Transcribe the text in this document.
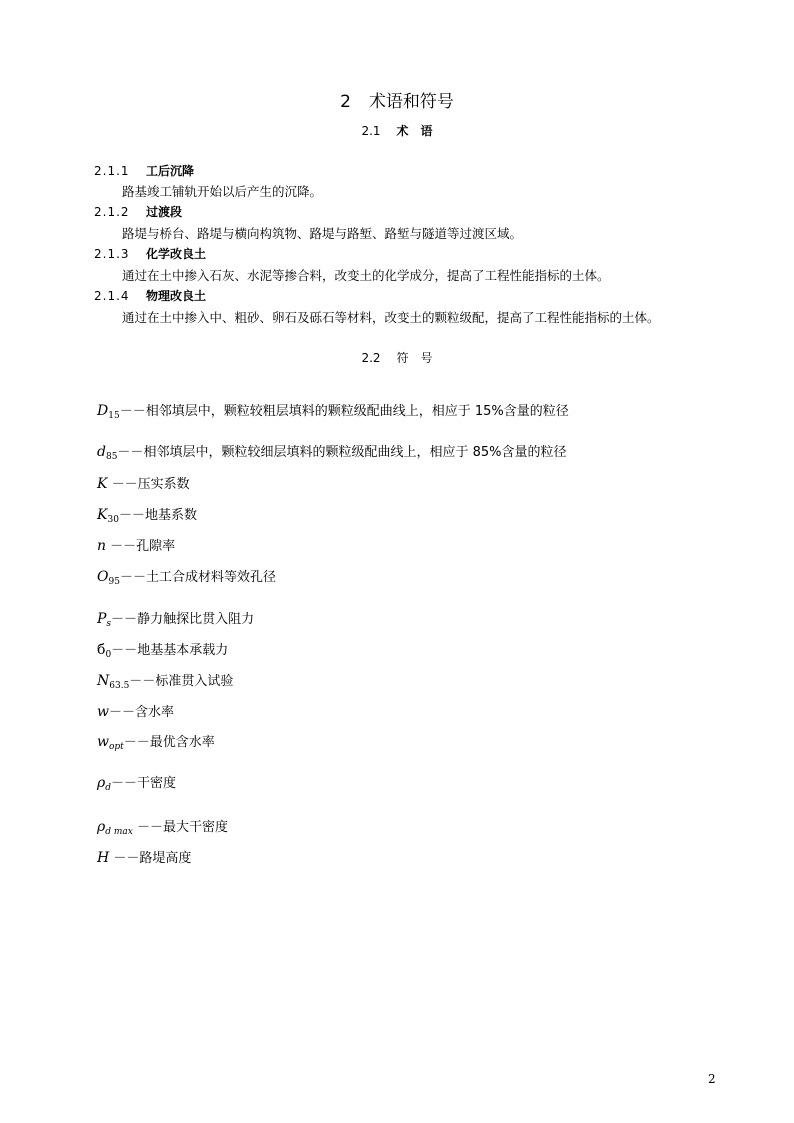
2 术语和符号
2.1 术 语
2.1.1 工后沉降
路基竣工铺轨开始以后产生的沉降。
2.1.2 过渡段
路堤与桥台、路堤与横向构筑物、路堤与路堑、路堑与隧道等过渡区域。
2.1.3 化学改良土
通过在土中掺入石灰、水泥等掺合料，改变土的化学成分，提高了工程性能指标的土体。
2.1.4 物理改良土
通过在土中掺入中、粗砂、卵石及砾石等材料，改变土的颗粒级配，提高了工程性能指标的土体。
2.2 符 号
$D_{15}--$相邻填层中，颗粒较粗层填料的颗粒级配曲线上，相应于 15%含量的粒径
$d_{85}--$相邻填层中，颗粒较细层填料的颗粒级配曲线上，相应于 85%含量的粒径
K －－压实系数
$K_{30}--$地基系数
n －－孔隙率
$O_{95}--$土工合成材料等效孔径
$P_s--$静力触探比贯入阻力
$б_0--$地基基本承载力
$N_{63.5}--$标准贯入试验
w－－含水率
$w_{opt}--$最优含水率
$\rho_d--$干密度
$\rho_{d max}$ －－最大干密度
H －－路堤高度
2
